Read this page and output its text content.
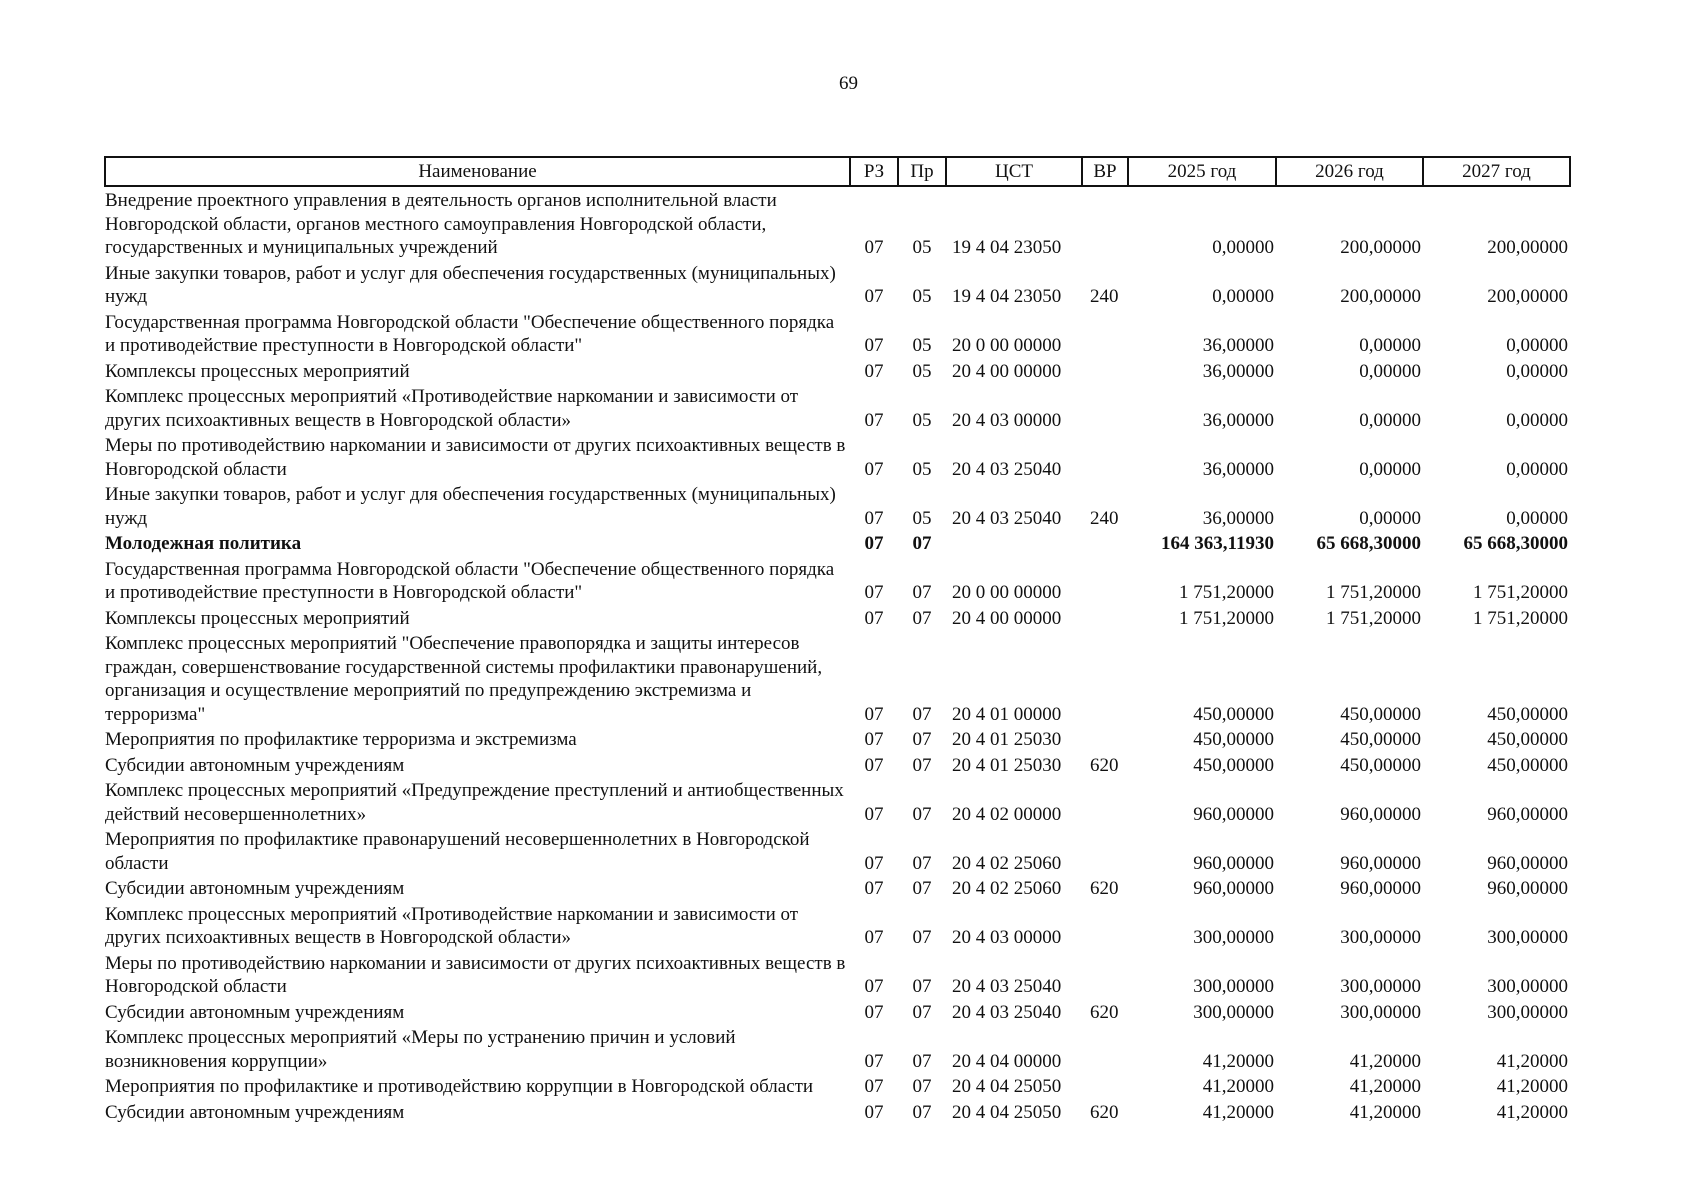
69
Наименование	РЗ	Пр	ЦСТ	ВР	2025 год	2026 год	2027 год
Внедрение проектного управления в деятельность органов исполнительной власти Новгородской области, органов местного самоуправления Новгородской области, государственных и муниципальных учреждений	07	05	19 4 04 23050		0,00000	200,00000	200,00000
Иные закупки товаров, работ и услуг для обеспечения государственных (муниципальных) нужд	07	05	19 4 04 23050	240	0,00000	200,00000	200,00000
Государственная программа Новгородской области "Обеспечение общественного порядка и противодействие преступности в Новгородской области"	07	05	20 0 00 00000		36,00000	0,00000	0,00000
Комплексы процессных мероприятий	07	05	20 4 00 00000		36,00000	0,00000	0,00000
Комплекс процессных мероприятий «Противодействие наркомании и зависимости от других психоактивных веществ в Новгородской области»	07	05	20 4 03 00000		36,00000	0,00000	0,00000
Меры по противодействию наркомании и зависимости от других психоактивных веществ в Новгородской области	07	05	20 4 03 25040		36,00000	0,00000	0,00000
Иные закупки товаров, работ и услуг для обеспечения государственных (муниципальных) нужд	07	05	20 4 03 25040	240	36,00000	0,00000	0,00000
Молодежная политика	07	07			164 363,11930	65 668,30000	65 668,30000
Государственная программа Новгородской области "Обеспечение общественного порядка и противодействие преступности в Новгородской области"	07	07	20 0 00 00000		1 751,20000	1 751,20000	1 751,20000
Комплексы процессных мероприятий	07	07	20 4 00 00000		1 751,20000	1 751,20000	1 751,20000
Комплекс процессных мероприятий "Обеспечение правопорядка и защиты интересов граждан, совершенствование государственной системы профилактики правонарушений, организация и осуществление мероприятий по предупреждению экстремизма и терроризма"	07	07	20 4 01 00000		450,00000	450,00000	450,00000
Мероприятия по профилактике терроризма и экстремизма	07	07	20 4 01 25030		450,00000	450,00000	450,00000
Субсидии автономным учреждениям	07	07	20 4 01 25030	620	450,00000	450,00000	450,00000
Комплекс процессных мероприятий «Предупреждение преступлений и антиобщественных действий несовершеннолетних»	07	07	20 4 02 00000		960,00000	960,00000	960,00000
Мероприятия по профилактике правонарушений несовершеннолетних в Новгородской области	07	07	20 4 02 25060		960,00000	960,00000	960,00000
Субсидии автономным учреждениям	07	07	20 4 02 25060	620	960,00000	960,00000	960,00000
Комплекс процессных мероприятий «Противодействие наркомании и зависимости от других психоактивных веществ в Новгородской области»	07	07	20 4 03 00000		300,00000	300,00000	300,00000
Меры по противодействию наркомании и зависимости от других психоактивных веществ в Новгородской области	07	07	20 4 03 25040		300,00000	300,00000	300,00000
Субсидии автономным учреждениям	07	07	20 4 03 25040	620	300,00000	300,00000	300,00000
Комплекс процессных мероприятий «Меры по устранению причин и условий возникновения коррупции»	07	07	20 4 04 00000		41,20000	41,20000	41,20000
Мероприятия по профилактике и противодействию коррупции в Новгородской области	07	07	20 4 04 25050		41,20000	41,20000	41,20000
Субсидии автономным учреждениям	07	07	20 4 04 25050	620	41,20000	41,20000	41,20000
